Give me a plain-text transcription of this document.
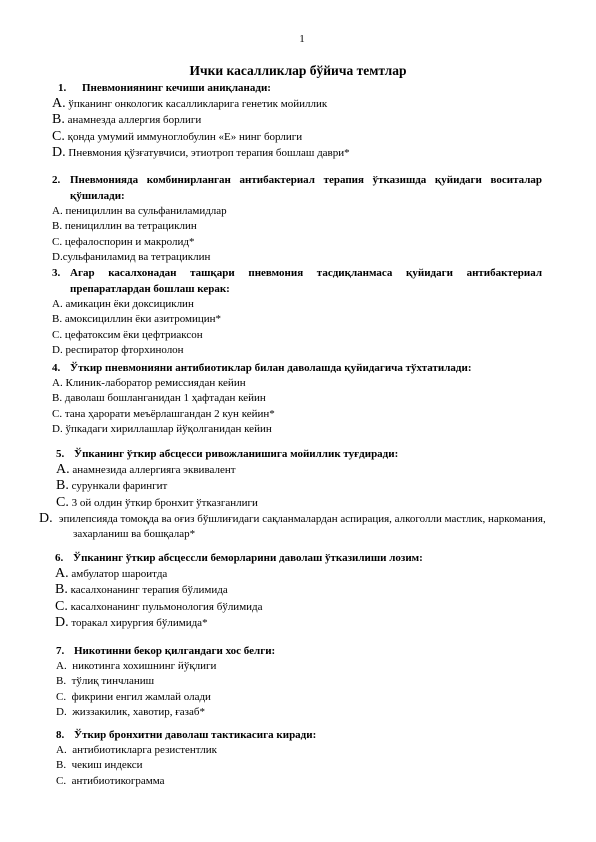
1
Ички касалликлар бўйича темтлар
1.	Пневмониянинг кечиши аниқланади:
A. ўпканинг онкологик касалликларига генетик мойиллик
B. анамнезда аллергия борлиги
C. қонда умумий иммуноглобулин «Е» нинг борлиги
D. Пневмония қўзғатувчиси, этиотроп терапия бошлаш даври*
2. Пневмонияда комбинирланган антибактериал терапия ўтказишда қуйидаги воситалар қўшилади:
A. пенициллин ва сульфаниламидлар
B. пенициллин ва тетрациклин
C. цефалоспорин и макролид*
D.сульфаниламид ва тетрациклин
3. Агар касалхонадан ташқари пневмония тасдиқланмаса қуйидаги антибактериал препаратлардан бошлаш керак:
A. амикацин ёки доксициклин
B. амоксициллин ёки азитромицин*
C. цефатоксим ёки цефтриаксон
D. респиратор фторхинолон
4. Ўткир пневмонияни антибиотиклар билан даволашда қуйидагича тўхтатилади:
A. Клиник-лаборатор ремиссиядан кейин
B. даволаш бошланганидан 1 ҳафтадан кейин
C. тана ҳарорати меъёрлашгандан 2 кун кейин*
D. ўпкадаги хириллашлар йўқолганидан кейин
5. Ўпканинг ўткир абсцесси ривожланишига мойиллик туғдиради:
A. анамнезида аллергияга эквивалент
B. сурункали фарингит
C. 3 ой олдин ўткир бронхит ўтказганлиги
D. эпилепсияда томоқда ва оғиз бўшлиғидаги сақланмалардан аспирация, алкоголли мастлик, наркомания, захарланиш ва бошқалар*
6. Ўпканинг ўткир абсцессли беморларини даволаш ўтказилиши лозим:
A. амбулатор шароитда
B. касалхонанинг терапия бўлимида
C. касалхонанинг пульмонология бўлимида
D. торакал хирургия бўлимида*
7. Никотинни бекор қилгандаги хос белги:
A. никотинга хохишнинг йўқлиги
B. тўлиқ тинчланиш
C. фикрини енгил жамлай олади
D. жиззакилик, хавотир, ғазаб*
8. Ўткир бронхитни даволаш тактикасига киради:
A. антибиотикларга резистентлик
B. чекиш индекси
C. антибиотикограмма
